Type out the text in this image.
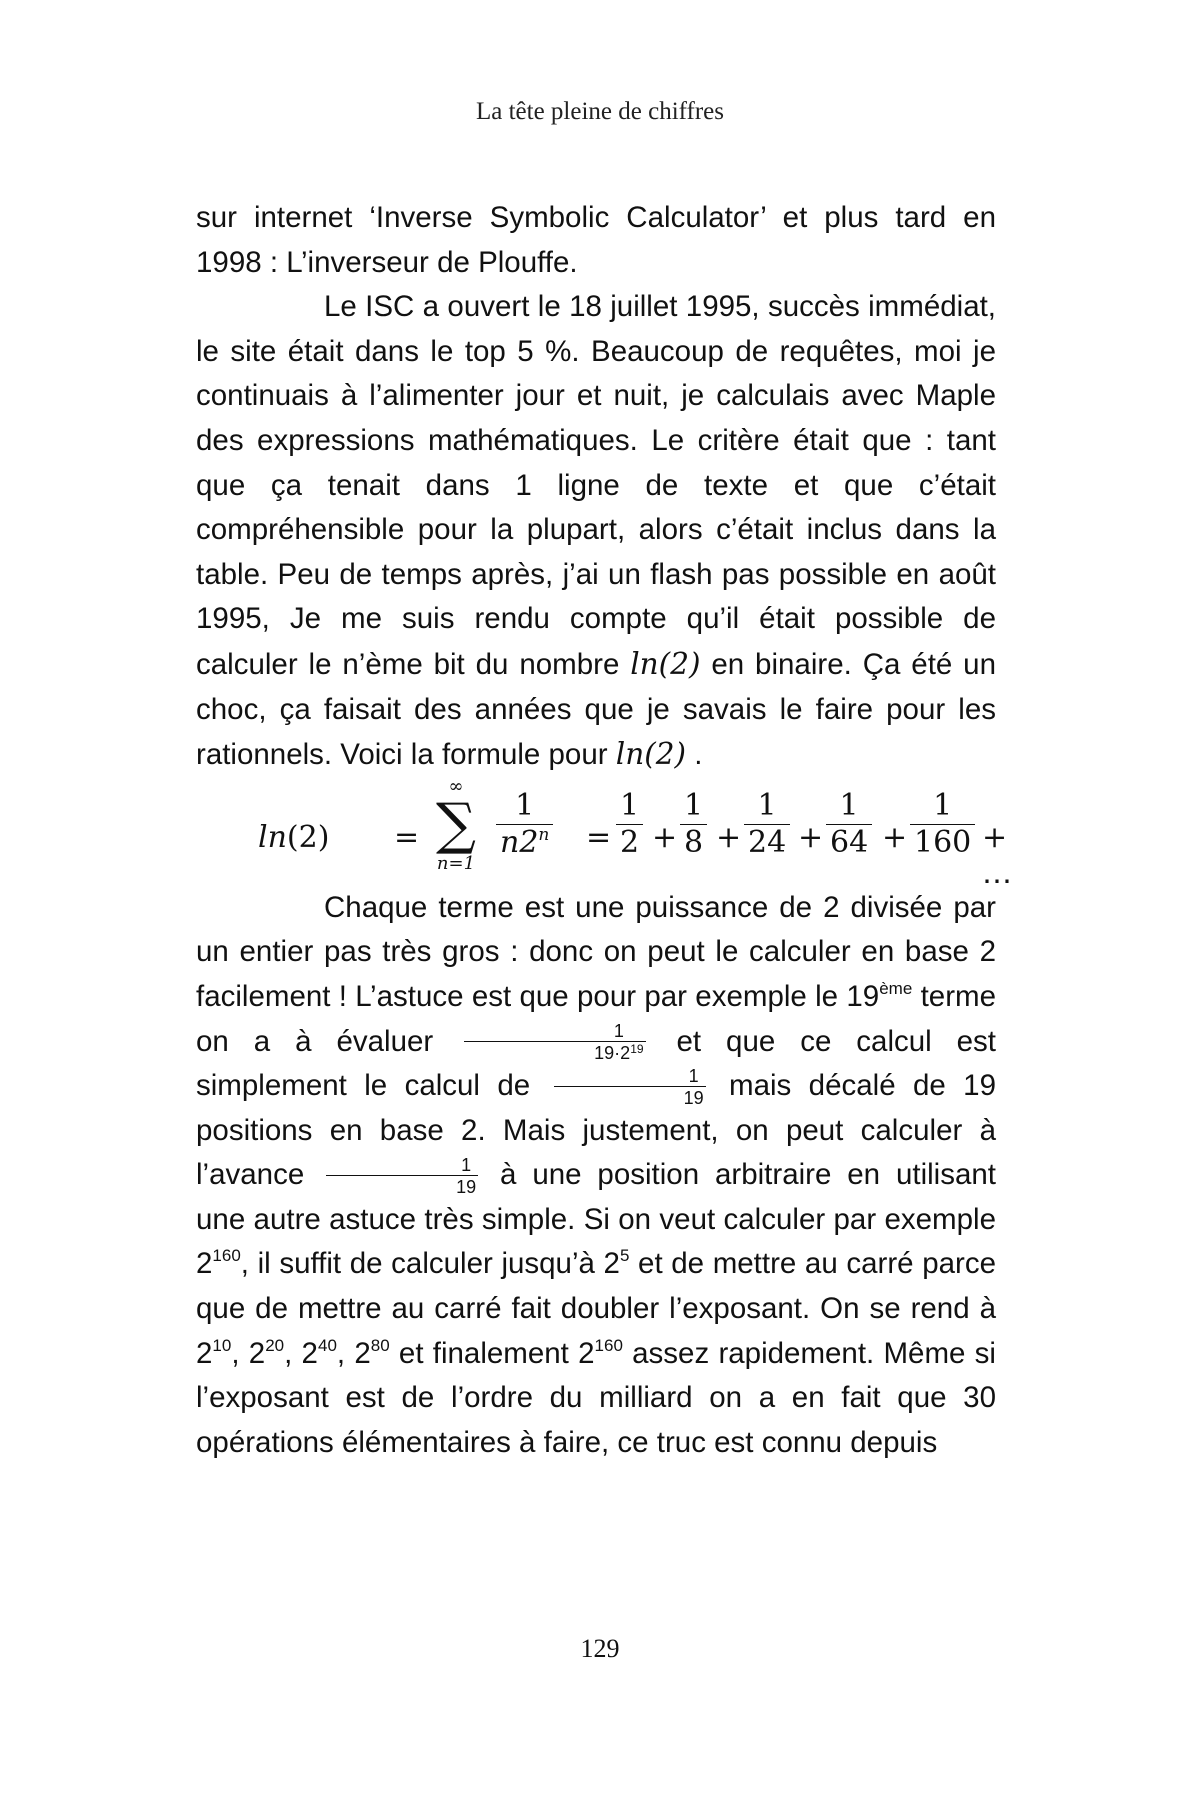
La tête pleine de chiffres

sur internet ‘Inverse Symbolic Calculator’ et plus tard en 1998 : L’inverseur de Plouffe.

Le ISC a ouvert le 18 juillet 1995, succès immédiat, le site était dans le top 5 %. Beaucoup de requêtes, moi je continuais à l’alimenter jour et nuit, je calculais avec Maple des expressions mathématiques. Le critère était que : tant que ça tenait dans 1 ligne de texte et que c’était compréhensible pour la plupart, alors c’était inclus dans la table. Peu de temps après, j’ai un flash pas possible en août 1995, Je me suis rendu compte qu’il était possible de calculer le n’ème bit du nombre ln(2) en binaire. Ça été un choc, ça faisait des années que je savais le faire pour les rationnels. Voici la formule pour ln(2) .

ln(2) =
∞
∑
n=1
$\frac{1}{n2^n} = \frac{1}{2} + \frac{1}{8} + \frac{1}{24} + \frac{1}{64} + \frac{1}{160}$ + ⋯

Chaque terme est une puissance de 2 divisée par un entier pas très gros : donc on peut le calculer en base 2 facilement ! L’astuce est que pour par exemple le 19ème terme on a à évaluer $\frac{1}{19\cdot 2^{19}}$ et que ce calcul est simplement le calcul de $\frac{1}{19}$ mais décalé de 19 positions en base 2. Mais justement, on peut calculer à l’avance $\frac{1}{19}$ à une position arbitraire en utilisant une autre astuce très simple. Si on veut calculer par exemple $2^{160}$, il suffit de calculer jusqu’à $2^5$ et de mettre au carré parce que de mettre au carré fait doubler l’exposant. On se rend à $2^{10}$, $2^{20}$, $2^{40}$, $2^{80}$ et finalement $2^{160}$ assez rapidement. Même si l’exposant est de l’ordre du milliard on a en fait que 30 opérations élémentaires à faire, ce truc est connu depuis

129
